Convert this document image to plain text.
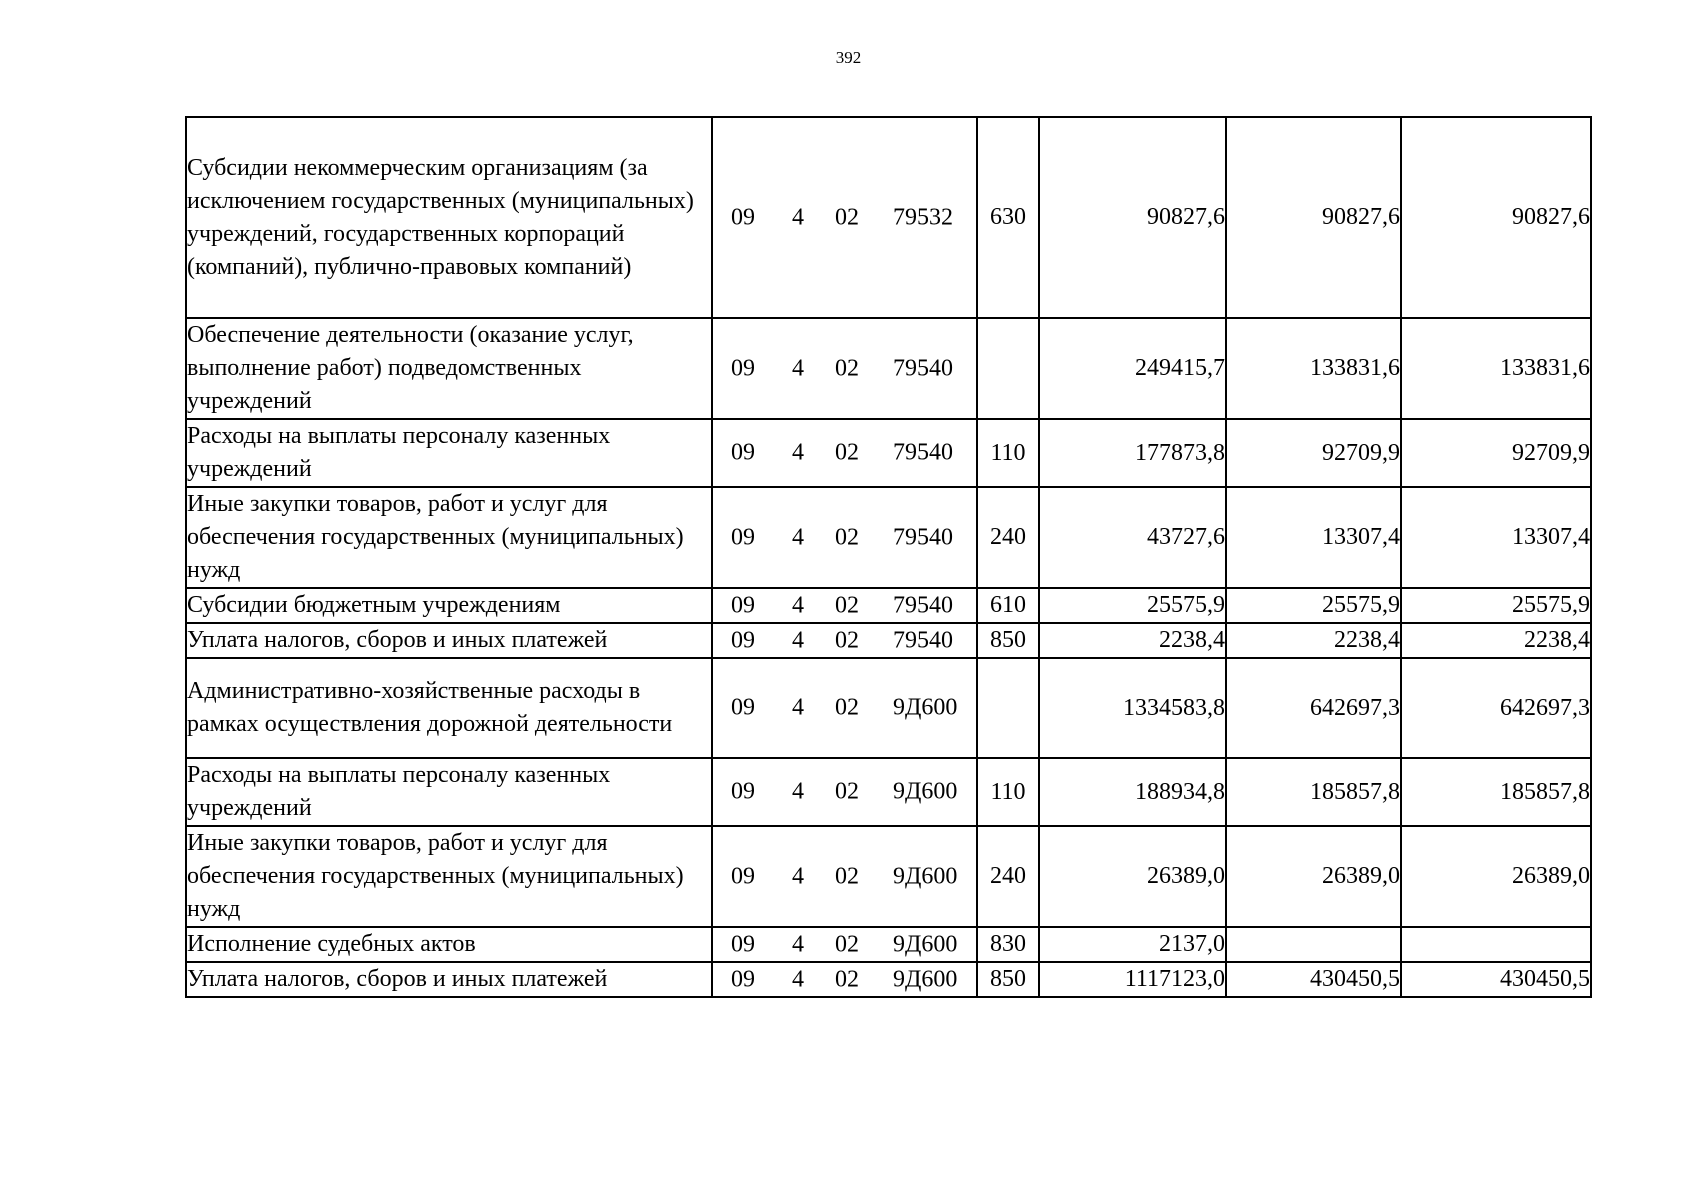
392
Субсидии некоммерческим организациям (за исключением государственных (муниципальных) учреждений, государственных корпораций (компаний), публично-правовых компаний)	09 4 02 79532	630	90827,6	90827,6	90827,6

Обеспечение деятельности (оказание услуг, выполнение работ) подведомственных учреждений	09 4 02 79540		249415,7	133831,6	133831,6

Расходы на выплаты персоналу казенных учреждений	09 4 02 79540	110	177873,8	92709,9	92709,9

Иные закупки товаров, работ и услуг для обеспечения государственных (муниципальных) нужд	09 4 02 79540	240	43727,6	13307,4	13307,4

Субсидии бюджетным учреждениям	09 4 02 79540	610	25575,9	25575,9	25575,9

Уплата налогов, сборов и иных платежей	09 4 02 79540	850	2238,4	2238,4	2238,4

Административно-хозяйственные расходы в рамках осуществления дорожной деятельности	09 4 02 9Д600		1334583,8	642697,3	642697,3

Расходы на выплаты персоналу казенных учреждений	09 4 02 9Д600	110	188934,8	185857,8	185857,8

Иные закупки товаров, работ и услуг для обеспечения государственных (муниципальных) нужд	09 4 02 9Д600	240	26389,0	26389,0	26389,0

Исполнение судебных актов	09 4 02 9Д600	830	2137,0		

Уплата налогов, сборов и иных платежей	09 4 02 9Д600	850	1117123,0	430450,5	430450,5
